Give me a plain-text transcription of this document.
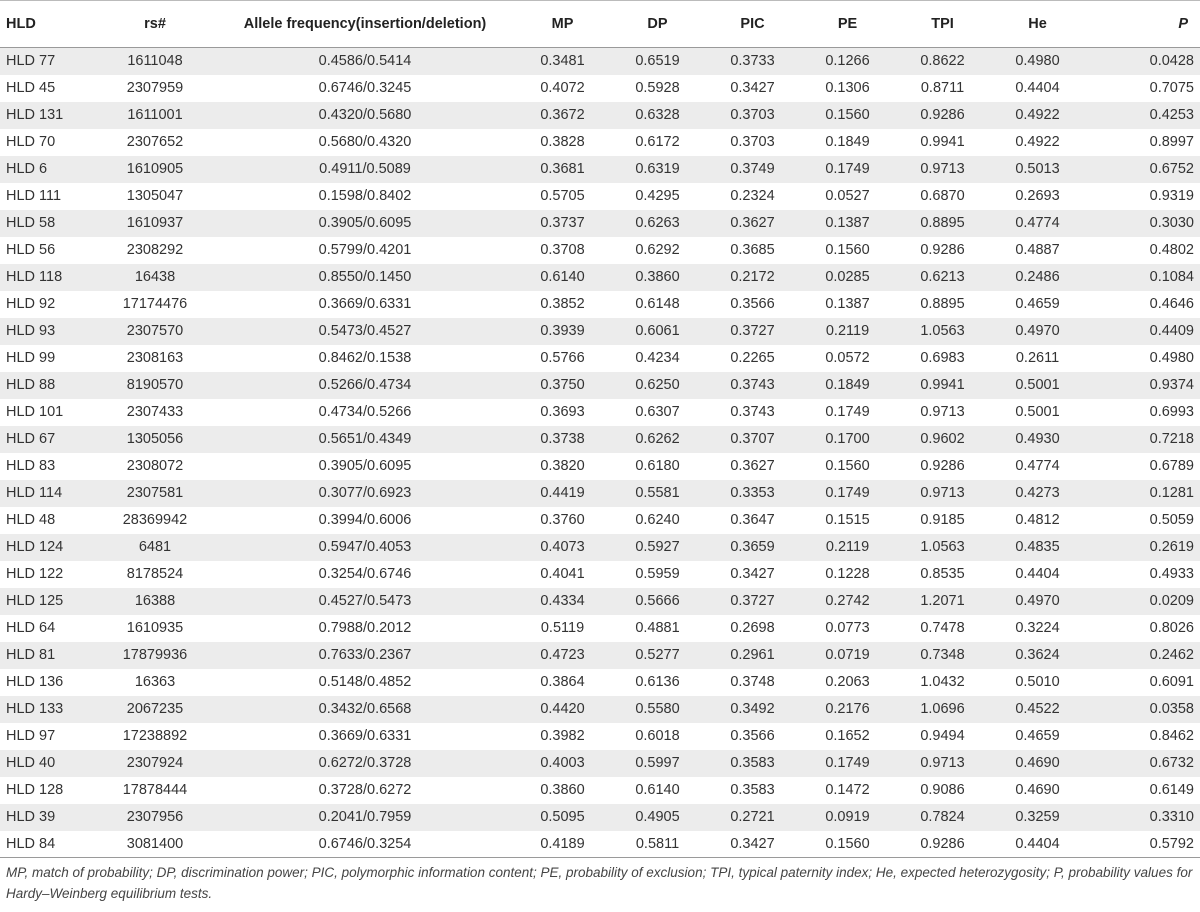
HLD	rs#	Allele frequency(insertion/deletion)	MP	DP	PIC	PE	TPI	He	P
HLD 77	1611048	0.4586/0.5414	0.3481	0.6519	0.3733	0.1266	0.8622	0.4980	0.0428
HLD 45	2307959	0.6746/0.3245	0.4072	0.5928	0.3427	0.1306	0.8711	0.4404	0.7075
HLD 131	1611001	0.4320/0.5680	0.3672	0.6328	0.3703	0.1560	0.9286	0.4922	0.4253
HLD 70	2307652	0.5680/0.4320	0.3828	0.6172	0.3703	0.1849	0.9941	0.4922	0.8997
HLD 6	1610905	0.4911/0.5089	0.3681	0.6319	0.3749	0.1749	0.9713	0.5013	0.6752
HLD 111	1305047	0.1598/0.8402	0.5705	0.4295	0.2324	0.0527	0.6870	0.2693	0.9319
HLD 58	1610937	0.3905/0.6095	0.3737	0.6263	0.3627	0.1387	0.8895	0.4774	0.3030
HLD 56	2308292	0.5799/0.4201	0.3708	0.6292	0.3685	0.1560	0.9286	0.4887	0.4802
HLD 118	16438	0.8550/0.1450	0.6140	0.3860	0.2172	0.0285	0.6213	0.2486	0.1084
HLD 92	17174476	0.3669/0.6331	0.3852	0.6148	0.3566	0.1387	0.8895	0.4659	0.4646
HLD 93	2307570	0.5473/0.4527	0.3939	0.6061	0.3727	0.2119	1.0563	0.4970	0.4409
HLD 99	2308163	0.8462/0.1538	0.5766	0.4234	0.2265	0.0572	0.6983	0.2611	0.4980
HLD 88	8190570	0.5266/0.4734	0.3750	0.6250	0.3743	0.1849	0.9941	0.5001	0.9374
HLD 101	2307433	0.4734/0.5266	0.3693	0.6307	0.3743	0.1749	0.9713	0.5001	0.6993
HLD 67	1305056	0.5651/0.4349	0.3738	0.6262	0.3707	0.1700	0.9602	0.4930	0.7218
HLD 83	2308072	0.3905/0.6095	0.3820	0.6180	0.3627	0.1560	0.9286	0.4774	0.6789
HLD 114	2307581	0.3077/0.6923	0.4419	0.5581	0.3353	0.1749	0.9713	0.4273	0.1281
HLD 48	28369942	0.3994/0.6006	0.3760	0.6240	0.3647	0.1515	0.9185	0.4812	0.5059
HLD 124	6481	0.5947/0.4053	0.4073	0.5927	0.3659	0.2119	1.0563	0.4835	0.2619
HLD 122	8178524	0.3254/0.6746	0.4041	0.5959	0.3427	0.1228	0.8535	0.4404	0.4933
HLD 125	16388	0.4527/0.5473	0.4334	0.5666	0.3727	0.2742	1.2071	0.4970	0.0209
HLD 64	1610935	0.7988/0.2012	0.5119	0.4881	0.2698	0.0773	0.7478	0.3224	0.8026
HLD 81	17879936	0.7633/0.2367	0.4723	0.5277	0.2961	0.0719	0.7348	0.3624	0.2462
HLD 136	16363	0.5148/0.4852	0.3864	0.6136	0.3748	0.2063	1.0432	0.5010	0.6091
HLD 133	2067235	0.3432/0.6568	0.4420	0.5580	0.3492	0.2176	1.0696	0.4522	0.0358
HLD 97	17238892	0.3669/0.6331	0.3982	0.6018	0.3566	0.1652	0.9494	0.4659	0.8462
HLD 40	2307924	0.6272/0.3728	0.4003	0.5997	0.3583	0.1749	0.9713	0.4690	0.6732
HLD 128	17878444	0.3728/0.6272	0.3860	0.6140	0.3583	0.1472	0.9086	0.4690	0.6149
HLD 39	2307956	0.2041/0.7959	0.5095	0.4905	0.2721	0.0919	0.7824	0.3259	0.3310
HLD 84	3081400	0.6746/0.3254	0.4189	0.5811	0.3427	0.1560	0.9286	0.4404	0.5792
MP, match of probability; DP, discrimination power; PIC, polymorphic information content; PE, probability of exclusion; TPI, typical paternity index; He, expected heterozygosity; P, probability values for Hardy–Weinberg equilibrium tests.
